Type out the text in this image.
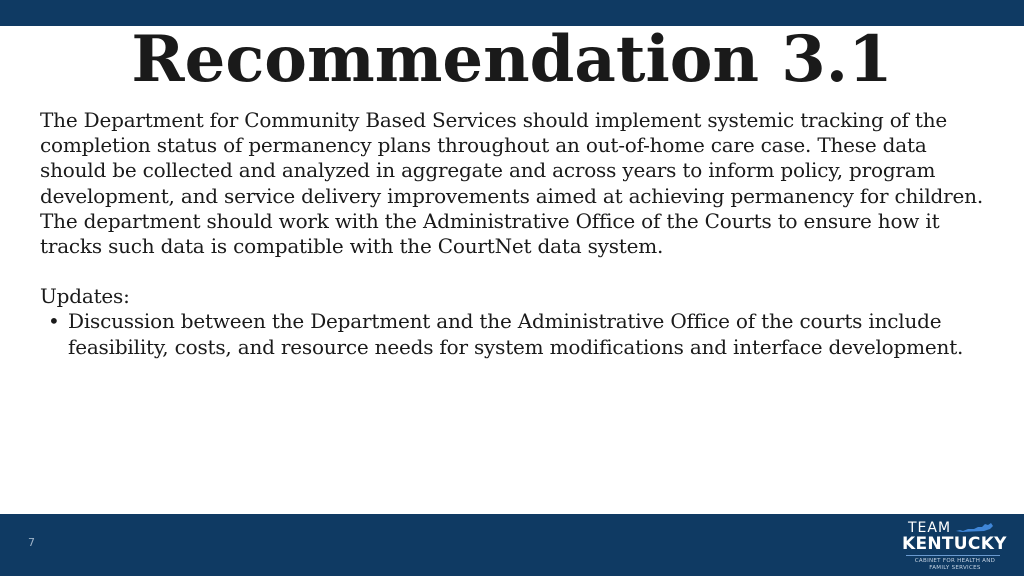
Recommendation 3.1

The Department for Community Based Services should implement systemic tracking of the completion status of permanency plans throughout an out-of-home care case. These data should be collected and analyzed in aggregate and across years to inform policy, program development, and service delivery improvements aimed at achieving permanency for children. The department should work with the Administrative Office of the Courts to ensure how it tracks such data is compatible with the CourtNet data system.

Updates:

• Discussion between the Department and the Administrative Office of the courts include feasibility, costs, and resource needs for system modifications and interface development.
7
TEAM
KENTUCKY
CABINET FOR HEALTH AND FAMILY SERVICES
